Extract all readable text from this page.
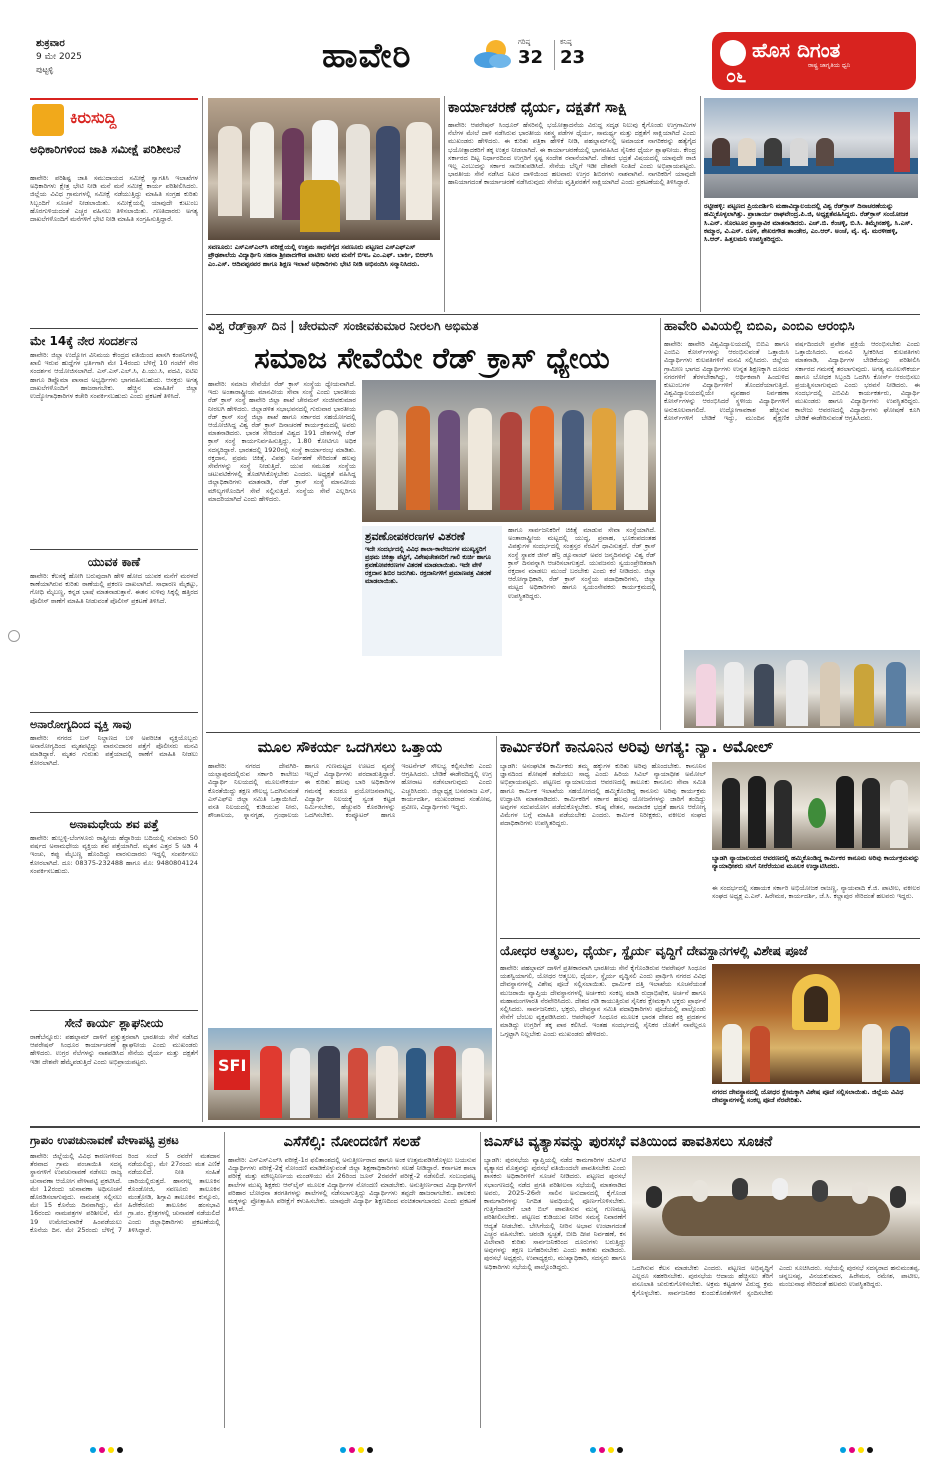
ಶುಕ್ರವಾರ
9 ಮೇ 2025
ಪುಟ್ಟಳ್ಳಿ	ಹಾವೇರಿ	ಗರಿಷ್ಠ
32
ಕನಿಷ್ಠ
23	ಹೊಸ ದಿಗಂತ
ರಾಷ್ಟ್ರ ಜಾಗೃತಿಯ ಧ್ವನಿ
೦೬
ಕಿರುಸುದ್ದಿ
ಅಧಿಕಾರಿಗಳಿಂದ ಜಾತಿ ಸಮೀಕ್ಷೆ ಪರಿಶೀಲನೆ
ಹಾವೇರಿ: ಪರಿಶಿಷ್ಟ ಜಾತಿ ಸಮುದಾಯದ ಸಮೀಕ್ಷೆ ಸ್ವಾಗತಿಸಿ ಇಲಾಖೆಗಳ ಅಧಿಕಾರಿಗಳು ಕ್ಷೇತ್ರ ಭೇಟಿ ನೀಡಿ ಮನೆ ಮನೆ ಸಮೀಕ್ಷೆ ಕಾರ್ಯ ಪರಿಶೀಲಿಸಿದರು. ಜಿಲ್ಲೆಯ ವಿವಿಧ ಗ್ರಾಮಗಳಲ್ಲಿ ಸಮೀಕ್ಷೆ ನಡೆಯುತ್ತಿದ್ದು ಮಾಹಿತಿ ಸಂಗ್ರಹ ಕುರಿತು ಸಿಬ್ಬಂದಿಗೆ ಸೂಚನೆ ನೀಡಲಾಯಿತು. ಸಮೀಕ್ಷೆಯಲ್ಲಿ ಯಾವುದೇ ಕುಟುಂಬ ಹೊರಗುಳಿಯದಂತೆ ಎಚ್ಚರ ವಹಿಸಲು ತಿಳಿಸಲಾಯಿತು. ಗಣತಿದಾರರು ಅಗತ್ಯ ದಾಖಲೆಗಳೊಂದಿಗೆ ಮನೆಗಳಿಗೆ ಭೇಟಿ ನೀಡಿ ಮಾಹಿತಿ ಸಂಗ್ರಹಿಸುತ್ತಿದ್ದಾರೆ.
ಮೇ 14ಕ್ಕೆ ನೇರ ಸಂದರ್ಶನ
ಹಾವೇರಿ: ಜಿಲ್ಲಾ ಉದ್ಯೋಗ ವಿನಿಮಯ ಕೇಂದ್ರದ ವತಿಯಿಂದ ಖಾಸಗಿ ಕಂಪನಿಗಳಲ್ಲಿ ಖಾಲಿ ಇರುವ ಹುದ್ದೆಗಳ ಭರ್ತಿಗಾಗಿ ಮೇ 14ರಂದು ಬೆಳಿಗ್ಗೆ 10 ಗಂಟೆಗೆ ನೇರ ಸಂದರ್ಶನ ಆಯೋಜಿಸಲಾಗಿದೆ. ಎಸ್.ಎಸ್.ಎಲ್.ಸಿ, ಪಿ.ಯು.ಸಿ, ಪದವಿ, ಐಟಿಐ ಹಾಗೂ ಡಿಪ್ಲೊಮಾ ಪಾಸಾದ ಅಭ್ಯರ್ಥಿಗಳು ಭಾಗವಹಿಸಬಹುದು. ಆಸಕ್ತರು ಅಗತ್ಯ ದಾಖಲೆಗಳೊಂದಿಗೆ ಹಾಜರಾಗಬೇಕು. ಹೆಚ್ಚಿನ ಮಾಹಿತಿಗೆ ಜಿಲ್ಲಾ ಉದ್ಯೋಗಾಧಿಕಾರಿಗಳ ಕಚೇರಿ ಸಂಪರ್ಕಿಸಬಹುದು ಎಂದು ಪ್ರಕಟಣೆ ತಿಳಿಸಿದೆ.
ಯುವಕ ಕಾಣೆ
ಹಾವೇರಿ: ಕೆಲಸಕ್ಕೆ ಹೋಗಿ ಬರುವುದಾಗಿ ಹೇಳಿ ಹೋದ ಯುವಕ ಮನೆಗೆ ಮರಳದೆ ಕಾಣೆಯಾಗಿರುವ ಕುರಿತು ಠಾಣೆಯಲ್ಲಿ ಪ್ರಕರಣ ದಾಖಲಾಗಿದೆ. ಸಾಧಾರಣ ಮೈಕಟ್ಟು, ಗೋಧಿ ಮೈಬಣ್ಣ, ಕನ್ನಡ ಭಾಷೆ ಮಾತನಾಡುತ್ತಾನೆ. ಈತನ ಸುಳಿವು ಸಿಕ್ಕಲ್ಲಿ ಹತ್ತಿರದ ಪೊಲೀಸ್ ಠಾಣೆಗೆ ಮಾಹಿತಿ ನೀಡುವಂತೆ ಪೊಲೀಸ್ ಪ್ರಕಟಣೆ ತಿಳಿಸಿದೆ.
ಅನಾರೋಗ್ಯದಿಂದ ವ್ಯಕ್ತಿ ಸಾವು
ಹಾವೇರಿ: ನಗರದ ಬಸ್ ನಿಲ್ದಾಣದ ಬಳಿ ಅಪರಿಚಿತ ವ್ಯಕ್ತಿಯೊಬ್ಬರು ಅನಾರೋಗ್ಯದಿಂದ ಮೃತಪಟ್ಟಿದ್ದು ವಾರಸುದಾರರ ಪತ್ತೆಗೆ ಪೊಲೀಸರು ಮನವಿ ಮಾಡಿದ್ದಾರೆ. ಮೃತರ ಗುರುತು ಪತ್ತೆಯಾದಲ್ಲಿ ಠಾಣೆಗೆ ಮಾಹಿತಿ ನೀಡಲು ಕೋರಲಾಗಿದೆ.
ಅನಾಮಧೇಯ ಶವ ಪತ್ತೆ
ಹಾವೇರಿ: ಹುಬ್ಬಳ್ಳಿ-ಬೆಂಗಳೂರು ರಾಷ್ಟ್ರೀಯ ಹೆದ್ದಾರಿಯ ಬದಿಯಲ್ಲಿ ಸುಮಾರು 50 ವರ್ಷದ ಅನಾಮಧೇಯ ವ್ಯಕ್ತಿಯ ಶವ ಪತ್ತೆಯಾಗಿದೆ. ಮೃತನ ಎತ್ತರ 5 ಅಡಿ 4 ಇಂಚು, ಕಪ್ಪು ಮೈಬಣ್ಣ ಹೊಂದಿದ್ದು ವಾರಸುದಾರರು ಇದ್ದಲ್ಲಿ ಸಂಪರ್ಕಿಸಲು ಕೋರಲಾಗಿದೆ. ದೂ: 08375-232488 ಹಾಗೂ ಮೊ: 9480804124 ಸಂಪರ್ಕಿಸಬಹುದು.
ಸೇನೆ ಕಾರ್ಯ ಶ್ಲಾಘನೀಯ
ರಾಣೆಬೆನ್ನೂರು: ಪಹಲ್ಗಾಮ್ ದಾಳಿಗೆ ಪ್ರತ್ಯುತ್ತರವಾಗಿ ಭಾರತೀಯ ಸೇನೆ ನಡೆಸಿದ ಆಪರೇಷನ್ ಸಿಂಧೂರ ಕಾರ್ಯಾಚರಣೆ ಶ್ಲಾಘನೀಯ ಎಂದು ಮುಖಂಡರು ಹೇಳಿದರು. ಉಗ್ರರ ನೆಲೆಗಳನ್ನು ನಾಶಪಡಿಸಿದ ಸೇನೆಯ ಧೈರ್ಯ ಮತ್ತು ದಕ್ಷತೆಗೆ ಇಡೀ ದೇಶವೇ ಹೆಮ್ಮೆಪಡುತ್ತಿದೆ ಎಂದು ಅಭಿಪ್ರಾಯಪಟ್ಟರು.
ಸವಣೂರು: ಎಸ್‌ಎಸ್‌ಎಲ್‌ಸಿ ಪರೀಕ್ಷೆಯಲ್ಲಿ ಉತ್ತಮ ಸಾಧನೆಗೈದ ಸವಣೂರು ಪಟ್ಟಣದ ಎಸ್‌ಎಫ್‌ಎಸ್ ಪ್ರೌಢಶಾಲೆಯ ವಿದ್ಯಾರ್ಥಿನಿ ಸಹನಾ ಶ್ರೀಪಾದಗೌಡ ಪಾಟೀಲ ಅವರ ಮನೆಗೆ ಬಿಇಒ ಎಂ.ಎಫ್. ಬಾರ್ಕಿ, ಬಿಆರ್‌ಸಿ ಎಂ.ಎಸ್. ಆದಿವಪ್ಪನವರ ಹಾಗೂ ಶಿಕ್ಷಣ ಇಲಾಖೆ ಅಧಿಕಾರಿಗಳು ಭೇಟಿ ನೀಡಿ ಅಭಿನಂದಿಸಿ ಸನ್ಮಾನಿಸಿದರು.
ಕಾರ್ಯಾಚರಣೆ ಧೈರ್ಯ, ದಕ್ಷತೆಗೆ ಸಾಕ್ಷಿ
ಹಾವೇರಿ: ಆಪರೇಷನ್ ಸಿಂಧೂರ್ ಹೆಸರಿನಲ್ಲಿ ಭಯೋತ್ಪಾದನೆಯ ವಿರುದ್ಧ ಸದೃಢ ನಿಲುವು ಕೈಗೊಂಡು ಉಗ್ರಗಾಮಿಗಳ ನೆಲೆಗಳ ಮೇಲೆ ದಾಳಿ ನಡೆಸಿರುವ ಭಾರತೀಯ ಸಶಸ್ತ್ರ ಪಡೆಗಳ ಧೈರ್ಯ, ಸಾಮರ್ಥ್ಯ ಮತ್ತು ದಕ್ಷತೆಗೆ ಸಾಕ್ಷಿಯಾಗಿದೆ ಎಂದು ಮುಖಂಡರು ಹೇಳಿದರು. ಈ ಕುರಿತು ಪತ್ರಿಕಾ ಹೇಳಿಕೆ ನೀಡಿ, ಪಹಲ್ಗಾಮ್‌ನಲ್ಲಿ ಅಮಾಯಕ ನಾಗರಿಕರನ್ನು ಹತ್ಯೆಗೈದ ಭಯೋತ್ಪಾದಕರಿಗೆ ತಕ್ಕ ಉತ್ತರ ನೀಡಲಾಗಿದೆ. ಈ ಕಾರ್ಯಾಚರಣೆಯಲ್ಲಿ ಭಾಗವಹಿಸಿದ ಸೈನಿಕರ ಧೈರ್ಯ ಶ್ಲಾಘನೀಯ. ಕೇಂದ್ರ ಸರ್ಕಾರದ ದಿಟ್ಟ ನಿರ್ಧಾರದಿಂದ ಉಗ್ರರಿಗೆ ಸ್ಪಷ್ಟ ಸಂದೇಶ ರವಾನೆಯಾಗಿದೆ. ದೇಶದ ಭದ್ರತೆ ವಿಷಯದಲ್ಲಿ ಯಾವುದೇ ರಾಜಿ ಇಲ್ಲ ಎಂಬುದನ್ನು ಸರ್ಕಾರ ಸಾಬೀತುಪಡಿಸಿದೆ. ಸೇನೆಯ ಬೆನ್ನಿಗೆ ಇಡೀ ದೇಶವೇ ನಿಂತಿದೆ ಎಂದು ಅಭಿಪ್ರಾಯಪಟ್ಟರು. ಭಾರತೀಯ ಸೇನೆ ನಡೆಸಿದ ನಿಖರ ದಾಳಿಯಿಂದ ಹಲವಾರು ಉಗ್ರರ ಶಿಬಿರಗಳು ನಾಶವಾಗಿವೆ. ನಾಗರಿಕರಿಗೆ ಯಾವುದೇ ಹಾನಿಯಾಗದಂತೆ ಕಾರ್ಯಾಚರಣೆ ನಡೆಸಿರುವುದು ಸೇನೆಯ ವೃತ್ತಿಪರತೆಗೆ ಸಾಕ್ಷಿಯಾಗಿದೆ ಎಂದು ಪ್ರಕಟಣೆಯಲ್ಲಿ ತಿಳಿಸಿದ್ದಾರೆ.
ರಟ್ಟೀಹಳ್ಳಿ: ಪಟ್ಟಣದ ಪ್ರಿಯದರ್ಶಿನಿ ಮಹಾವಿದ್ಯಾಲಯದಲ್ಲಿ ವಿಶ್ವ ರೆಡ್‌ಕ್ರಾಸ್ ದಿನಾಚರಣೆಯನ್ನು ಹಮ್ಮಿಕೊಳ್ಳಲಾಗಿತ್ತು. ಪ್ರಾಚಾರ್ಯ ರಾಘವೇಂದ್ರ.ಪಿ.ಜಿ, ಅಧ್ಯಕ್ಷತೆವಹಿಸಿದ್ದರು. ರೆಡ್‌ಕ್ರಾಸ್ ಸಂಯೋಜಕ ಸಿ.ಎನ್. ಸೊರಟೂರ ಪ್ರಾಸ್ತಾವಿಕ ಮಾತನಾಡಿದರು. ಎಚ್.ಬಿ. ಕೆಂಚಳ್ಳಿ, ಬಿ.ಸಿ. ತಿಮ್ಮೇನಹಳ್ಳಿ, ಸಿ.ಎಸ್. ಕಮ್ಮಾರ, ವಿ.ಎಸ್. ರೂಳಿ, ಶೇಖರಗೌಡ ತಾಂಡೇರ, ಎಂ.ಆರ್. ಅಂಚೆ, ವೈ. ವೈ. ಮರಳೀಹಳ್ಳಿ, ಸಿ.ಆರ್. ಹಿತ್ತಲಮನಿ ಉಪಸ್ಥಿತರಿದ್ದರು.
ವಿಶ್ವ ರೆಡ್‌ಕ್ರಾಸ್ ದಿನ | ಚೇರಮನ್ ಸಂಜೀವಕುಮಾರ ನೀರಲಗಿ ಅಭಿಮತ
ಸಮಾಜ ಸೇವೆಯೇ ರೆಡ್ ಕ್ರಾಸ್ ಧ್ಯೇಯ
ಹಾವೇರಿ: ಸಮಾಜ ಸೇವೆಯೇ ರೆಡ್ ಕ್ರಾಸ್ ಸಂಸ್ಥೆಯ ಧ್ಯೇಯವಾಗಿದೆ. ಇದು ಅಂತಾರಾಷ್ಟ್ರೀಯ ಮಾನವೀಯ ಸೇವಾ ಸಂಸ್ಥೆ ಎಂದು ಭಾರತೀಯ ರೆಡ್ ಕ್ರಾಸ್ ಸಂಸ್ಥೆ ಹಾವೇರಿ ಜಿಲ್ಲಾ ಶಾಖೆ ಚೇರಮನ್ ಸಂಜೀವಕುಮಾರ ನೀರಲಗಿ ಹೇಳಿದರು. ಜಿಲ್ಲಾಡಳಿತ ಸಭಾಭವನದಲ್ಲಿ ಗುರುವಾರ ಭಾರತೀಯ ರೆಡ್ ಕ್ರಾಸ್ ಸಂಸ್ಥೆ ಜಿಲ್ಲಾ ಶಾಖೆ ಹಾಗೂ ಸರ್ಕಾರದ ಸಹಯೋಗದಲ್ಲಿ ಆಯೋಜಿಸಿದ್ದ ವಿಶ್ವ ರೆಡ್ ಕ್ರಾಸ್ ದಿನಾಚರಣೆ ಕಾರ್ಯಕ್ರಮದಲ್ಲಿ ಅವರು ಮಾತನಾಡಿದರು. ಭಾರತ ಸೇರಿದಂತೆ ವಿಶ್ವದ 191 ದೇಶಗಳಲ್ಲಿ ರೆಡ್ ಕ್ರಾಸ್ ಸಂಸ್ಥೆ ಕಾರ್ಯನಿರ್ವಹಿಸುತ್ತಿದ್ದು, 1.80 ಕೋಟಿಗೂ ಅಧಿಕ ಸದಸ್ಯರಿದ್ದಾರೆ. ಭಾರತದಲ್ಲಿ 1920ರಲ್ಲಿ ಸಂಸ್ಥೆ ಕಾರ್ಯಾರಂಭ ಮಾಡಿತು. ರಕ್ತದಾನ, ಪ್ರಥಮ ಚಿಕಿತ್ಸೆ, ವಿಪತ್ತು ನಿರ್ವಹಣೆ ಸೇರಿದಂತೆ ಹಲವು ಸೇವೆಗಳನ್ನು ಸಂಸ್ಥೆ ನೀಡುತ್ತಿದೆ. ಯುವ ಸಮೂಹ ಸಂಸ್ಥೆಯ ಚಟುವಟಿಕೆಗಳಲ್ಲಿ ತೊಡಗಿಸಿಕೊಳ್ಳಬೇಕು ಎಂದರು. ಅಧ್ಯಕ್ಷತೆ ವಹಿಸಿದ್ದ ಜಿಲ್ಲಾಧಿಕಾರಿಗಳು ಮಾತನಾಡಿ, ರೆಡ್ ಕ್ರಾಸ್ ಸಂಸ್ಥೆ ಮಾನವೀಯ ಮೌಲ್ಯಗಳೊಂದಿಗೆ ಸೇವೆ ಸಲ್ಲಿಸುತ್ತಿದೆ. ಸಂಸ್ಥೆಯ ಸೇವೆ ಎಲ್ಲರಿಗೂ ಮಾದರಿಯಾಗಿದೆ ಎಂದು ಹೇಳಿದರು.
ಶ್ರವಣೋಪಕರಣಗಳ ವಿತರಣೆ
ಇದೇ ಸಂದರ್ಭದಲ್ಲಿ ವಿವಿಧ ಶಾಲಾ-ಕಾಲೇಜುಗಳ ಮುಖ್ಯಸ್ಥರಿಗೆ ಪ್ರಥಮ ಚಿಕಿತ್ಸಾ ಪೆಟ್ಟಿಗೆ, ವಿಶೇಷಚೇತನರಿಗೆ ಗಾಲಿ ಕುರ್ಚಿ ಹಾಗೂ ಶ್ರವಣೋಪಕರಣಗಳ ವಿತರಣೆ ಮಾಡಲಾಯಿತು. ಇದೇ ವೇಳೆ ರಕ್ತದಾನ ಶಿಬಿರ ಜರುಗಿತು. ರಕ್ತದಾನಿಗಳಿಗೆ ಪ್ರಮಾಣಪತ್ರ ವಿತರಣೆ ಮಾಡಲಾಯಿತು.
ಹಾಗೂ ಸಾರ್ವಜನಿಕರಿಗೆ ಚಿಕಿತ್ಸೆ ಮಾಡುವ ಸೇವಾ ಸಂಸ್ಥೆಯಾಗಿದೆ. ಅಂತಾರಾಷ್ಟ್ರೀಯ ಮಟ್ಟದಲ್ಲಿ ಯುದ್ಧ, ಪ್ರವಾಹ, ಭೂಕಂಪದಂತಹ ವಿಪತ್ತುಗಳ ಸಂದರ್ಭದಲ್ಲಿ ಸಂತ್ರಸ್ತರ ನೆರವಿಗೆ ಧಾವಿಸುತ್ತದೆ. ರೆಡ್ ಕ್ರಾಸ್ ಸಂಸ್ಥೆ ಸ್ಥಾಪಕ ಜೀನ್ ಹೆನ್ರಿ ಡ್ಯೂನಾಂಟ್ ಅವರ ಜನ್ಮದಿನವನ್ನು ವಿಶ್ವ ರೆಡ್ ಕ್ರಾಸ್ ದಿನವನ್ನಾಗಿ ಆಚರಿಸಲಾಗುತ್ತದೆ. ಯುವಜನರು ಸ್ವಯಂಪ್ರೇರಿತರಾಗಿ ರಕ್ತದಾನ ಮಾಡಲು ಮುಂದೆ ಬರಬೇಕು ಎಂದು ಕರೆ ನೀಡಿದರು. ಜಿಲ್ಲಾ ಆರೋಗ್ಯಾಧಿಕಾರಿ, ರೆಡ್ ಕ್ರಾಸ್ ಸಂಸ್ಥೆಯ ಪದಾಧಿಕಾರಿಗಳು, ಜಿಲ್ಲಾ ಮಟ್ಟದ ಅಧಿಕಾರಿಗಳು ಹಾಗೂ ಸ್ವಯಂಸೇವಕರು ಕಾರ್ಯಕ್ರಮದಲ್ಲಿ ಉಪಸ್ಥಿತರಿದ್ದರು.
ಹಾವೇರಿ ವಿವಿಯಲ್ಲಿ ಬಿಬಿಎ, ಎಂಬಿಎ ಆರಂಭಿಸಿ
ಹಾವೇರಿ: ಹಾವೇರಿ ವಿಶ್ವವಿದ್ಯಾಲಯದಲ್ಲಿ ಬಿಬಿಎ ಹಾಗೂ ಎಂಬಿಎ ಕೋರ್ಸ್‌ಗಳನ್ನು ಆರಂಭಿಸುವಂತೆ ಒತ್ತಾಯಿಸಿ ವಿದ್ಯಾರ್ಥಿಗಳು ಕುಲಪತಿಗಳಿಗೆ ಮನವಿ ಸಲ್ಲಿಸಿದರು. ಜಿಲ್ಲೆಯ ಗ್ರಾಮೀಣ ಭಾಗದ ವಿದ್ಯಾರ್ಥಿಗಳು ಉನ್ನತ ಶಿಕ್ಷಣಕ್ಕಾಗಿ ದೂರದ ನಗರಗಳಿಗೆ ತೆರಳಬೇಕಾಗಿದ್ದು, ಆರ್ಥಿಕವಾಗಿ ಹಿಂದುಳಿದ ಕುಟುಂಬಗಳ ವಿದ್ಯಾರ್ಥಿಗಳಿಗೆ ತೊಂದರೆಯಾಗುತ್ತಿದೆ. ವಿಶ್ವವಿದ್ಯಾಲಯದಲ್ಲಿಯೇ ವ್ಯವಹಾರ ನಿರ್ವಹಣಾ ಕೋರ್ಸ್‌ಗಳನ್ನು ಆರಂಭಿಸಿದರೆ ಸ್ಥಳೀಯ ವಿದ್ಯಾರ್ಥಿಗಳಿಗೆ ಅನುಕೂಲವಾಗಲಿದೆ. ಉದ್ಯೋಗಾವಕಾಶ ಹೆಚ್ಚಿಸುವ ಕೋರ್ಸ್‌ಗಳಿಗೆ ಬೇಡಿಕೆ ಇದ್ದು, ಮುಂದಿನ ಶೈಕ್ಷಣಿಕ ವರ್ಷದಿಂದಲೇ ಪ್ರವೇಶ ಪ್ರಕ್ರಿಯೆ ಆರಂಭಿಸಬೇಕು ಎಂದು ಒತ್ತಾಯಿಸಿದರು. ಮನವಿ ಸ್ವೀಕರಿಸಿದ ಕುಲಪತಿಗಳು ಮಾತನಾಡಿ, ವಿದ್ಯಾರ್ಥಿಗಳ ಬೇಡಿಕೆಯನ್ನು ಪರಿಶೀಲಿಸಿ ಸರ್ಕಾರದ ಗಮನಕ್ಕೆ ತರಲಾಗುವುದು. ಅಗತ್ಯ ಮೂಲಸೌಕರ್ಯ ಹಾಗೂ ಬೋಧಕ ಸಿಬ್ಬಂದಿ ಒದಗಿಸಿ ಕೋರ್ಸ್ ಆರಂಭಿಸಲು ಪ್ರಯತ್ನಿಸಲಾಗುವುದು ಎಂದು ಭರವಸೆ ನೀಡಿದರು. ಈ ಸಂದರ್ಭದಲ್ಲಿ ಎಬಿವಿಪಿ ಕಾರ್ಯಕರ್ತರು, ವಿದ್ಯಾರ್ಥಿ ಮುಖಂಡರು ಹಾಗೂ ವಿದ್ಯಾರ್ಥಿಗಳು ಉಪಸ್ಥಿತರಿದ್ದರು. ಕಾಲೇಜು ಆವರಣದಲ್ಲಿ ವಿದ್ಯಾರ್ಥಿಗಳು ಘೋಷಣೆ ಕೂಗಿ ಬೇಡಿಕೆ ಈಡೇರಿಸುವಂತೆ ಆಗ್ರಹಿಸಿದರು.
ಮೂಲ ಸೌಕರ್ಯ ಒದಗಿಸಲು ಒತ್ತಾಯ
ಹಾವೇರಿ: ನಗರದ ದೇವಗಿರಿ-ಯಲ್ಲಾಪುರದಲ್ಲಿರುವ ಸರ್ಕಾರಿ ಕಾಲೇಜು ವಿದ್ಯಾರ್ಥಿ ನಿಲಯದಲ್ಲಿ ಮೂಲಸೌಕರ್ಯ ಕೊರತೆಯಿದ್ದು ತಕ್ಷಣ ಸೌಲಭ್ಯ ಒದಗಿಸುವಂತೆ ಎಸ್‌ಎಫ್‌ಐ ಜಿಲ್ಲಾ ಸಮಿತಿ ಒತ್ತಾಯಿಸಿದೆ. ವಸತಿ ನಿಲಯದಲ್ಲಿ ಕುಡಿಯುವ ನೀರು, ಶೌಚಾಲಯ, ಸ್ನಾನಗೃಹ, ಗ್ರಂಥಾಲಯ ಹಾಗೂ ಗುಣಮಟ್ಟದ ಊಟದ ವ್ಯವಸ್ಥೆ ಇಲ್ಲದೆ ವಿದ್ಯಾರ್ಥಿಗಳು ಪರದಾಡುತ್ತಿದ್ದಾರೆ. ಈ ಕುರಿತು ಹಲವು ಬಾರಿ ಅಧಿಕಾರಿಗಳ ಗಮನಕ್ಕೆ ತಂದರೂ ಪ್ರಯೋಜನವಾಗಿಲ್ಲ. ವಿದ್ಯಾರ್ಥಿ ನಿಲಯಕ್ಕೆ ಸ್ವಂತ ಕಟ್ಟಡ ನಿರ್ಮಿಸಬೇಕು, ಹೆಚ್ಚುವರಿ ಕೊಠಡಿಗಳನ್ನು ಒದಗಿಸಬೇಕು. ಕಂಪ್ಯೂಟರ್ ಹಾಗೂ ಇಂಟರ್ನೆಟ್ ಸೌಲಭ್ಯ ಕಲ್ಪಿಸಬೇಕು ಎಂದು ಆಗ್ರಹಿಸಿದರು. ಬೇಡಿಕೆ ಈಡೇರದಿದ್ದಲ್ಲಿ ಉಗ್ರ ಹೋರಾಟ ನಡೆಸಲಾಗುವುದು ಎಂದು ಎಚ್ಚರಿಸಿದರು. ಜಿಲ್ಲಾಧ್ಯಕ್ಷ ಬಸವರಾಜ ಎಸ್, ಕಾರ್ಯದರ್ಶಿ, ಮುಖಂಡರಾದ ಸಂತೋಷ, ಪ್ರವೀಣ, ವಿದ್ಯಾರ್ಥಿಗಳು ಇದ್ದರು.
SFI
ಕಾರ್ಮಿಕರಿಗೆ ಕಾನೂನಿನ ಅರಿವು ಅಗತ್ಯ: ನ್ಯಾ. ಅಮೋಲ್
ಬ್ಯಾಡಗಿ: ಅಸಂಘಟಿತ ಕಾರ್ಮಿಕರು ತಮ್ಮ ಹಕ್ಕುಗಳ ಕುರಿತು ಅರಿವು ಹೊಂದಬೇಕು. ಕಾನೂನಿನ ಜ್ಞಾನದಿಂದ ಶೋಷಣೆ ತಡೆಯಲು ಸಾಧ್ಯ ಎಂದು ಹಿರಿಯ ಸಿವಿಲ್ ನ್ಯಾಯಾಧೀಶ ಅಮೋಲ್ ಅಭಿಪ್ರಾಯಪಟ್ಟರು. ಪಟ್ಟಣದ ನ್ಯಾಯಾಲಯದ ಆವರಣದಲ್ಲಿ ತಾಲೂಕು ಕಾನೂನು ಸೇವಾ ಸಮಿತಿ ಹಾಗೂ ಕಾರ್ಮಿಕ ಇಲಾಖೆಯ ಸಹಯೋಗದಲ್ಲಿ ಹಮ್ಮಿಕೊಂಡಿದ್ದ ಕಾನೂನು ಅರಿವು ಕಾರ್ಯಕ್ರಮ ಉದ್ಘಾಟಿಸಿ ಮಾತನಾಡಿದರು. ಕಾರ್ಮಿಕರಿಗೆ ಸರ್ಕಾರ ಹಲವು ಯೋಜನೆಗಳನ್ನು ಜಾರಿಗೆ ತಂದಿದ್ದು ಅವುಗಳ ಸದುಪಯೋಗ ಪಡೆದುಕೊಳ್ಳಬೇಕು. ಕನಿಷ್ಠ ವೇತನ, ಸಾಮಾಜಿಕ ಭದ್ರತೆ ಹಾಗೂ ಆರೋಗ್ಯ ವಿಮೆಗಳ ಬಗ್ಗೆ ಮಾಹಿತಿ ಪಡೆಯಬೇಕು ಎಂದರು. ಕಾರ್ಮಿಕ ನಿರೀಕ್ಷಕರು, ವಕೀಲರ ಸಂಘದ ಪದಾಧಿಕಾರಿಗಳು ಉಪಸ್ಥಿತರಿದ್ದರು.
ಬ್ಯಾಡಗಿ ನ್ಯಾಯಾಲಯದ ಆವರಣದಲ್ಲಿ ಹಮ್ಮಿಕೊಂಡಿದ್ದ ಕಾರ್ಮಿಕರ ಕಾನೂನು ಅರಿವು ಕಾರ್ಯಕ್ರಮವನ್ನು ನ್ಯಾಯಾಧೀಶರು ಸಸಿಗೆ ನೀರೆರೆಯುವ ಮೂಲಕ ಉದ್ಘಾಟಿಸಿದರು.
ಈ ಸಂದರ್ಭದಲ್ಲಿ ಸಹಾಯಕ ಸರ್ಕಾರಿ ಅಭಿಯೋಜಕ ರಾಜಣ್ಣ, ನ್ಯಾಯವಾದಿ ಕೆ.ಜಿ. ಪಾಟೀಲ, ವಕೀಲರ ಸಂಘದ ಅಧ್ಯಕ್ಷ ಎ.ಎನ್. ಹಿರೇಮಠ, ಕಾರ್ಯದರ್ಶಿ, ಜೆ.ಸಿ. ಕಲ್ಲಾಪುರ ಸೇರಿದಂತೆ ಹಲವರು ಇದ್ದರು.
ಯೋಧರ ಆತ್ಮಬಲ, ಧೈರ್ಯ, ಸ್ಥೈರ್ಯ ವೃದ್ಧಿಗೆ ದೇವಸ್ಥಾನಗಳಲ್ಲಿ ವಿಶೇಷ ಪೂಜೆ
ಹಾವೇರಿ: ಪಹಲ್ಗಾಮ್ ದಾಳಿಗೆ ಪ್ರತೀಕಾರವಾಗಿ ಭಾರತೀಯ ಸೇನೆ ಕೈಗೊಂಡಿರುವ ಆಪರೇಷನ್ ಸಿಂಧೂರ ಯಶಸ್ವಿಯಾಗಲಿ, ಯೋಧರ ಆತ್ಮಬಲ, ಧೈರ್ಯ, ಸ್ಥೈರ್ಯ ವೃದ್ಧಿಸಲಿ ಎಂದು ಪ್ರಾರ್ಥಿಸಿ ನಗರದ ವಿವಿಧ ದೇವಸ್ಥಾನಗಳಲ್ಲಿ ವಿಶೇಷ ಪೂಜೆ ಸಲ್ಲಿಸಲಾಯಿತು. ಧಾರ್ಮಿಕ ದತ್ತಿ ಇಲಾಖೆಯ ಸೂಚನೆಯಂತೆ ಮುಜರಾಯಿ ವ್ಯಾಪ್ತಿಯ ದೇವಸ್ಥಾನಗಳಲ್ಲಿ ಅರ್ಚಕರು ಸಂಕಲ್ಪ ಮಾಡಿ ರುದ್ರಾಭಿಷೇಕ, ಅರ್ಚನೆ ಹಾಗೂ ಮಹಾಮಂಗಳಾರತಿ ನೆರವೇರಿಸಿದರು. ದೇಶದ ಗಡಿ ಕಾಯುತ್ತಿರುವ ಸೈನಿಕರ ಕ್ಷೇಮಕ್ಕಾಗಿ ಭಕ್ತರು ಪ್ರಾರ್ಥನೆ ಸಲ್ಲಿಸಿದರು. ಸಾರ್ವಜನಿಕರು, ಭಕ್ತರು, ದೇವಸ್ಥಾನ ಸಮಿತಿ ಪದಾಧಿಕಾರಿಗಳು ಪೂಜೆಯಲ್ಲಿ ಪಾಲ್ಗೊಂಡು ಸೇನೆಗೆ ಬೆಂಬಲ ವ್ಯಕ್ತಪಡಿಸಿದರು. ಆಪರೇಷನ್ ಸಿಂಧೂರ ಮೂಲಕ ಭಾರತ ದೇಶದ ಶಕ್ತಿ ಪ್ರದರ್ಶನ ಮಾಡಿದ್ದು ಉಗ್ರರಿಗೆ ತಕ್ಕ ಪಾಠ ಕಲಿಸಿದೆ. ಇಂತಹ ಸಂದರ್ಭದಲ್ಲಿ ಸೈನಿಕರ ಜೊತೆಗೆ ನಾವೆಲ್ಲರೂ ಒಗ್ಗಟ್ಟಾಗಿ ನಿಲ್ಲಬೇಕು ಎಂದು ಮುಖಂಡರು ಹೇಳಿದರು.
ನಗರದ ದೇವಸ್ಥಾನದಲ್ಲಿ ಯೋಧರ ಕ್ಷೇಮಕ್ಕಾಗಿ ವಿಶೇಷ ಪೂಜೆ ಸಲ್ಲಿಸಲಾಯಿತು. ಜಿಲ್ಲೆಯ ವಿವಿಧ ದೇವಸ್ಥಾನಗಳಲ್ಲಿ ಸಂಕಲ್ಪ ಪೂಜೆ ನೆರವೇರಿತು.
ಗ್ರಾಪಂ ಉಪಚುನಾವಣೆ ವೇಳಾಪಟ್ಟಿ ಪ್ರಕಟ
ಹಾವೇರಿ: ಜಿಲ್ಲೆಯಲ್ಲಿ ವಿವಿಧ ಕಾರಣಗಳಿಂದ ತೆರವಾದ ಗ್ರಾಮ ಪಂಚಾಯಿತಿ ಸದಸ್ಯ ಸ್ಥಾನಗಳಿಗೆ ಉಪಚುನಾವಣೆ ನಡೆಸಲು ರಾಜ್ಯ ಚುನಾವಣಾ ಆಯೋಗ ವೇಳಾಪಟ್ಟಿ ಪ್ರಕಟಿಸಿದೆ. ಮೇ 12ರಂದು ಚುನಾವಣಾ ಅಧಿಸೂಚನೆ ಹೊರಡಿಸಲಾಗುವುದು. ನಾಮಪತ್ರ ಸಲ್ಲಿಸಲು ಮೇ 15 ಕೊನೆಯ ದಿನವಾಗಿದ್ದು, ಮೇ 16ರಂದು ನಾಮಪತ್ರಗಳ ಪರಿಶೀಲನೆ, ಮೇ 19 ಉಮೇದುವಾರಿಕೆ ಹಿಂಪಡೆಯಲು ಕೊನೆಯ ದಿನ. ಮೇ 25ರಂದು ಬೆಳಿಗ್ಗೆ 7 ರಿಂದ ಸಂಜೆ 5 ರವರೆಗೆ ಮತದಾನ ನಡೆಯಲಿದ್ದು, ಮೇ 27ರಂದು ಮತ ಎಣಿಕೆ ನಡೆಯಲಿದೆ. ನೀತಿ ಸಂಹಿತೆ ಜಾರಿಯಲ್ಲಿರುತ್ತದೆ. ಹಾನಗಲ್ಲ ತಾಲೂಕಿನ ಕೊಂಡೋಜಿ, ಸವಣೂರು ತಾಲೂಕಿನ ಮಂತ್ರೋಡಿ, ಶಿಗ್ಗಾವಿ ತಾಲೂಕಿನ ಕುನ್ನೂರು, ಹಿರೇಕೆರೂರು ತಾಲೂಕಿನ ಹಂಸಭಾವಿ ಗ್ರಾ.ಪಂ. ಕ್ಷೇತ್ರಗಳಲ್ಲಿ ಚುನಾವಣೆ ನಡೆಯಲಿದೆ ಎಂದು ಜಿಲ್ಲಾಧಿಕಾರಿಗಳು ಪ್ರಕಟಣೆಯಲ್ಲಿ ತಿಳಿಸಿದ್ದಾರೆ.
ಎಸೆಸೆಲ್ಸಿ: ನೋಂದಣಿಗೆ ಸಲಹೆ
ಹಾವೇರಿ: ಎಸ್‌ಎಸ್‌ಎಲ್‌ಸಿ ಪರೀಕ್ಷೆ-1ರ ಫಲಿತಾಂಶದಲ್ಲಿ ಅನುತ್ತೀರ್ಣರಾದ ಹಾಗೂ ಅಂಕ ಉತ್ತಮಪಡಿಸಿಕೊಳ್ಳಲು ಬಯಸುವ ವಿದ್ಯಾರ್ಥಿಗಳು ಪರೀಕ್ಷೆ-2ಕ್ಕೆ ನೋಂದಣಿ ಮಾಡಿಕೊಳ್ಳುವಂತೆ ಜಿಲ್ಲಾ ಶಿಕ್ಷಣಾಧಿಕಾರಿಗಳು ಸಲಹೆ ನೀಡಿದ್ದಾರೆ. ಕರ್ನಾಟಕ ಶಾಲಾ ಪರೀಕ್ಷೆ ಮತ್ತು ಮೌಲ್ಯನಿರ್ಣಯ ಮಂಡಳಿಯು ಮೇ 26ರಿಂದ ಜೂನ್ 2ರವರೆಗೆ ಪರೀಕ್ಷೆ-2 ನಡೆಸಲಿದೆ. ಸಂಬಂಧಪಟ್ಟ ಶಾಲೆಗಳ ಮುಖ್ಯ ಶಿಕ್ಷಕರು ಆನ್‌ಲೈನ್ ಮೂಲಕ ವಿದ್ಯಾರ್ಥಿಗಳ ನೋಂದಣಿ ಮಾಡಬೇಕು. ಅನುತ್ತೀರ್ಣರಾದ ವಿದ್ಯಾರ್ಥಿಗಳಿಗೆ ಪರಿಹಾರ ಬೋಧನಾ ತರಗತಿಗಳನ್ನು ಶಾಲೆಗಳಲ್ಲಿ ನಡೆಸಲಾಗುತ್ತಿದ್ದು ವಿದ್ಯಾರ್ಥಿಗಳು ತಪ್ಪದೇ ಹಾಜರಾಗಬೇಕು. ಪಾಲಕರು ಮಕ್ಕಳನ್ನು ಪ್ರೋತ್ಸಾಹಿಸಿ ಪರೀಕ್ಷೆಗೆ ಕಳುಹಿಸಬೇಕು. ಯಾವುದೇ ವಿದ್ಯಾರ್ಥಿ ಶಿಕ್ಷಣದಿಂದ ವಂಚಿತರಾಗಬಾರದು ಎಂದು ಪ್ರಕಟಣೆ ತಿಳಿಸಿದೆ.
ಜಿಎಸ್‌ಟಿ ವ್ಯತ್ಯಾಸವನ್ನು ಪುರಸಭೆ ವತಿಯಿಂದ ಪಾವತಿಸಲು ಸೂಚನೆ
ಬ್ಯಾಡಗಿ: ಪುರಸಭೆಯ ವ್ಯಾಪ್ತಿಯಲ್ಲಿ ನಡೆದ ಕಾಮಗಾರಿಗಳ ಜಿಎಸ್‌ಟಿ ವ್ಯತ್ಯಾಸದ ಮೊತ್ತವನ್ನು ಪುರಸಭೆ ವತಿಯಿಂದಲೇ ಪಾವತಿಸಬೇಕು ಎಂದು ಶಾಸಕರು ಅಧಿಕಾರಿಗಳಿಗೆ ಸೂಚನೆ ನೀಡಿದರು. ಪಟ್ಟಣದ ಪುರಸಭೆ ಸಭಾಂಗಣದಲ್ಲಿ ನಡೆದ ಪ್ರಗತಿ ಪರಿಶೀಲನಾ ಸಭೆಯಲ್ಲಿ ಮಾತನಾಡಿದ ಅವರು, 2025-26ನೇ ಸಾಲಿನ ಅನುದಾನದಲ್ಲಿ ಕೈಗೊಂಡ ಕಾಮಗಾರಿಗಳನ್ನು ನಿಗದಿತ ಅವಧಿಯಲ್ಲಿ ಪೂರ್ಣಗೊಳಿಸಬೇಕು. ಗುತ್ತಿಗೆದಾರರಿಗೆ ಬಾಕಿ ಬಿಲ್ ಪಾವತಿಸುವ ಮುನ್ನ ಗುಣಮಟ್ಟ ಪರಿಶೀಲಿಸಬೇಕು. ಪಟ್ಟಣದ ಕುಡಿಯುವ ನೀರಿನ ಸಮಸ್ಯೆ ನಿವಾರಣೆಗೆ ಆದ್ಯತೆ ನೀಡಬೇಕು. ಬೇಸಿಗೆಯಲ್ಲಿ ನೀರಿನ ಅಭಾವ ಉಂಟಾಗದಂತೆ ಎಚ್ಚರ ವಹಿಸಬೇಕು. ಚರಂಡಿ ಸ್ವಚ್ಛತೆ, ಬೀದಿ ದೀಪ ನಿರ್ವಹಣೆ, ಕಸ ವಿಲೇವಾರಿ ಕುರಿತು ಸಾರ್ವಜನಿಕರಿಂದ ದೂರುಗಳು ಬರುತ್ತಿದ್ದು ಅವುಗಳನ್ನು ತಕ್ಷಣ ಬಗೆಹರಿಸಬೇಕು ಎಂದು ತಾಕೀತು ಮಾಡಿದರು. ಪುರಸಭೆ ಅಧ್ಯಕ್ಷರು, ಉಪಾಧ್ಯಕ್ಷರು, ಮುಖ್ಯಾಧಿಕಾರಿ, ಸದಸ್ಯರು ಹಾಗೂ ಅಧಿಕಾರಿಗಳು ಸಭೆಯಲ್ಲಿ ಪಾಲ್ಗೊಂಡಿದ್ದರು.	ಒದಗಿಸುವ ಕೆಲಸ ಮಾಡಬೇಕು ಎಂದರು. ಪಟ್ಟಣದ ಅಭಿವೃದ್ಧಿಗೆ ಎಲ್ಲರೂ ಸಹಕರಿಸಬೇಕು. ಪುರಸಭೆಯ ಆದಾಯ ಹೆಚ್ಚಿಸಲು ತೆರಿಗೆ ವಸೂಲಾತಿ ಚುರುಕುಗೊಳಿಸಬೇಕು. ಅಕ್ರಮ ಕಟ್ಟಡಗಳ ವಿರುದ್ಧ ಕ್ರಮ ಕೈಗೊಳ್ಳಬೇಕು. ಸಾರ್ವಜನಿಕರ ಕುಂದುಕೊರತೆಗಳಿಗೆ ಸ್ಪಂದಿಸಬೇಕು ಎಂದು ಸೂಚಿಸಿದರು. ಸಭೆಯಲ್ಲಿ ಪುರಸಭೆ ಸದಸ್ಯರಾದ ಹನುಮಂತಪ್ಪ, ಚನ್ನಬಸಪ್ಪ, ವಿನಯಕುಮಾರ, ಹಿರೇಮಠ, ರಮೇಶ, ಪಾಟೀಲ, ಮಂಜುನಾಥ ಸೇರಿದಂತೆ ಹಲವರು ಉಪಸ್ಥಿತರಿದ್ದರು.
